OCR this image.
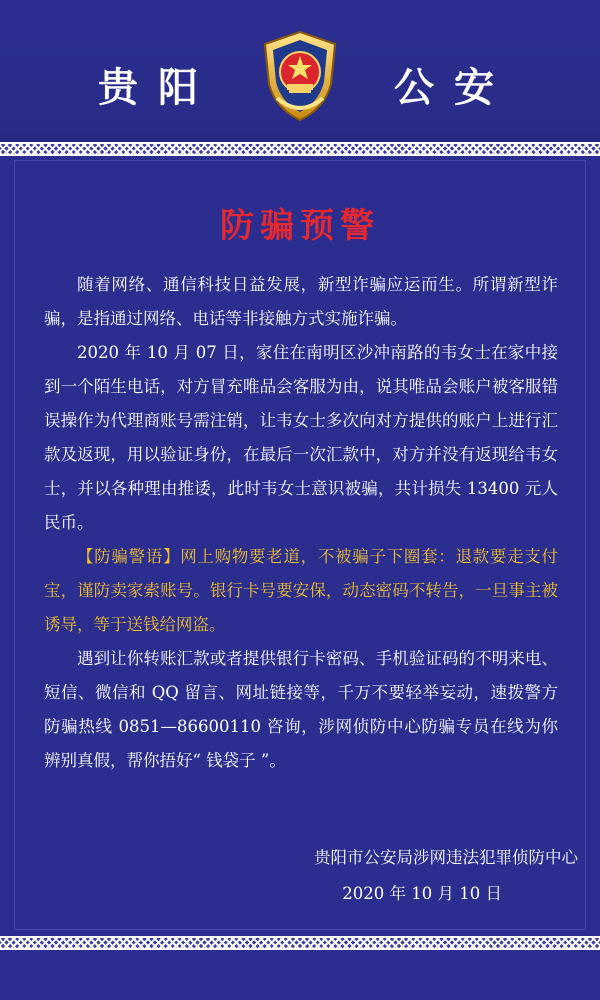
贵阳	公安
防骗预警

随着网络、通信科技日益发展，新型诈骗应运而生。所谓新型诈骗，是指通过网络、电话等非接触方式实施诈骗。

2020 年 10 月 07 日，家住在南明区沙冲南路的韦女士在家中接到一个陌生电话，对方冒充唯品会客服为由，说其唯品会账户被客服错误操作为代理商账号需注销，让韦女士多次向对方提供的账户上进行汇款及返现，用以验证身份，在最后一次汇款中，对方并没有返现给韦女士，并以各种理由推诿，此时韦女士意识被骗，共计损失 13400 元人民币。

【防骗警语】网上购物要老道，不被骗子下圈套：退款要走支付宝，谨防卖家索账号。银行卡号要安保，动态密码不转告，一旦事主被诱导，等于送钱给网盗。

遇到让你转账汇款或者提供银行卡密码、手机验证码的不明来电、短信、微信和 QQ 留言、网址链接等，千万不要轻举妄动，速拨警方防骗热线 0851—86600110 咨询，涉网侦防中心防骗专员在线为你辨别真假，帮你捂好“ 钱袋子 ”。

贵阳市公安局涉网违法犯罪侦防中心

2020 年 10 月 10 日
